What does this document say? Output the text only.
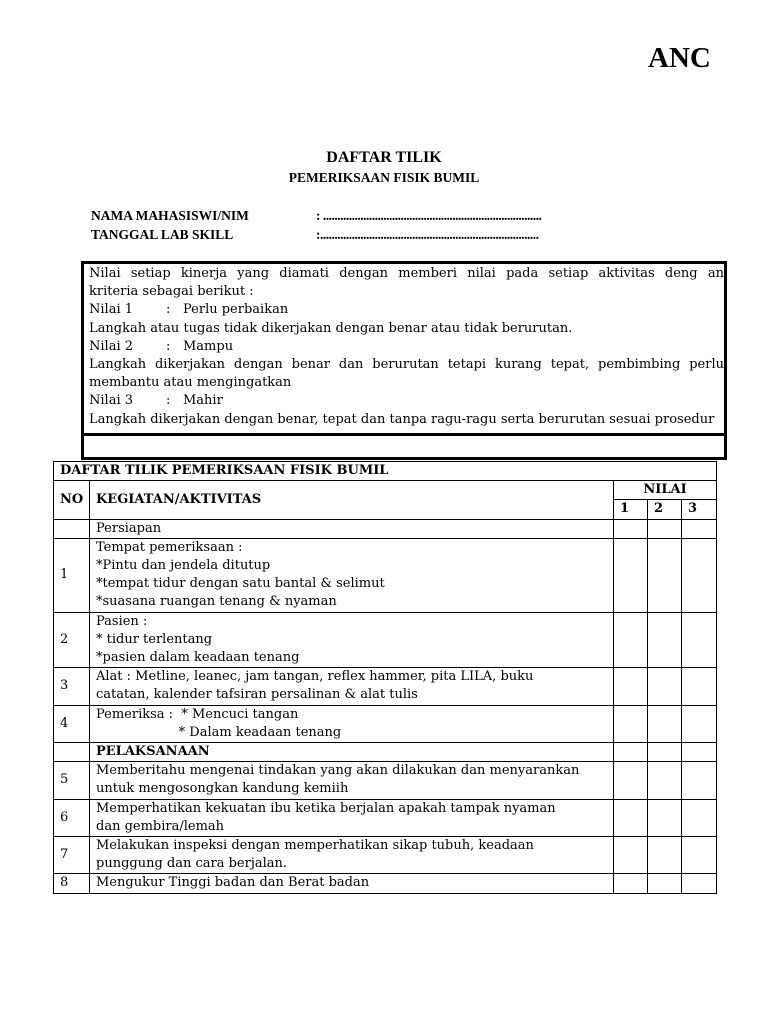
ANC
DAFTAR TILIK
PEMERIKSAAN FISIK BUMIL
NAMA MAHASISWI/NIM	: ............................................................................
TANGGAL LAB SKILL	:............................................................................
Nilai setiap kinerja yang diamati dengan memberi nilai pada setiap aktivitas deng an
kriteria sebagai berikut :
Nilai 1	: Perlu perbaikan
Langkah atau tugas tidak dikerjakan dengan benar atau tidak berurutan.
Nilai 2	: Mampu
Langkah dikerjakan dengan benar dan berurutan tetapi kurang tepat, pembimbing perlu
membantu atau mengingatkan
Nilai 3	: Mahir
Langkah dikerjakan dengan benar, tepat dan tanpa ragu-ragu serta berurutan sesuai prosedur
DAFTAR TILIK PEMERIKSAAN FISIK BUMIL				
NO	KEGIATAN/AKTIVITAS	NILAI		
		1	2	3
	Persiapan			
1	Tempat pemeriksaan :
*Pintu dan jendela ditutup
*tempat tidur dengan satu bantal & selimut
*suasana ruangan tenang & nyaman			

2	Pasien :
* tidur terlentang
*pasien dalam keadaan tenang			

3	Alat : Metline, leanec, jam tangan, reflex hammer, pita LILA, buku
catatan, kalender tafsiran persalinan & alat tulis			

4	Pemeriksa :  * Mencuci tangan
* Dalam keadaan tenang			

	PELAKSANAAN			
5	Memberitahu mengenai tindakan yang akan dilakukan dan menyarankan
untuk mengosongkan kandung kemiih			

6	Memperhatikan kekuatan ibu ketika berjalan apakah tampak nyaman
dan gembira/lemah			

7	Melakukan inspeksi dengan memperhatikan sikap tubuh, keadaan
punggung dan cara berjalan.			

8	Mengukur Tinggi badan dan Berat badan			
